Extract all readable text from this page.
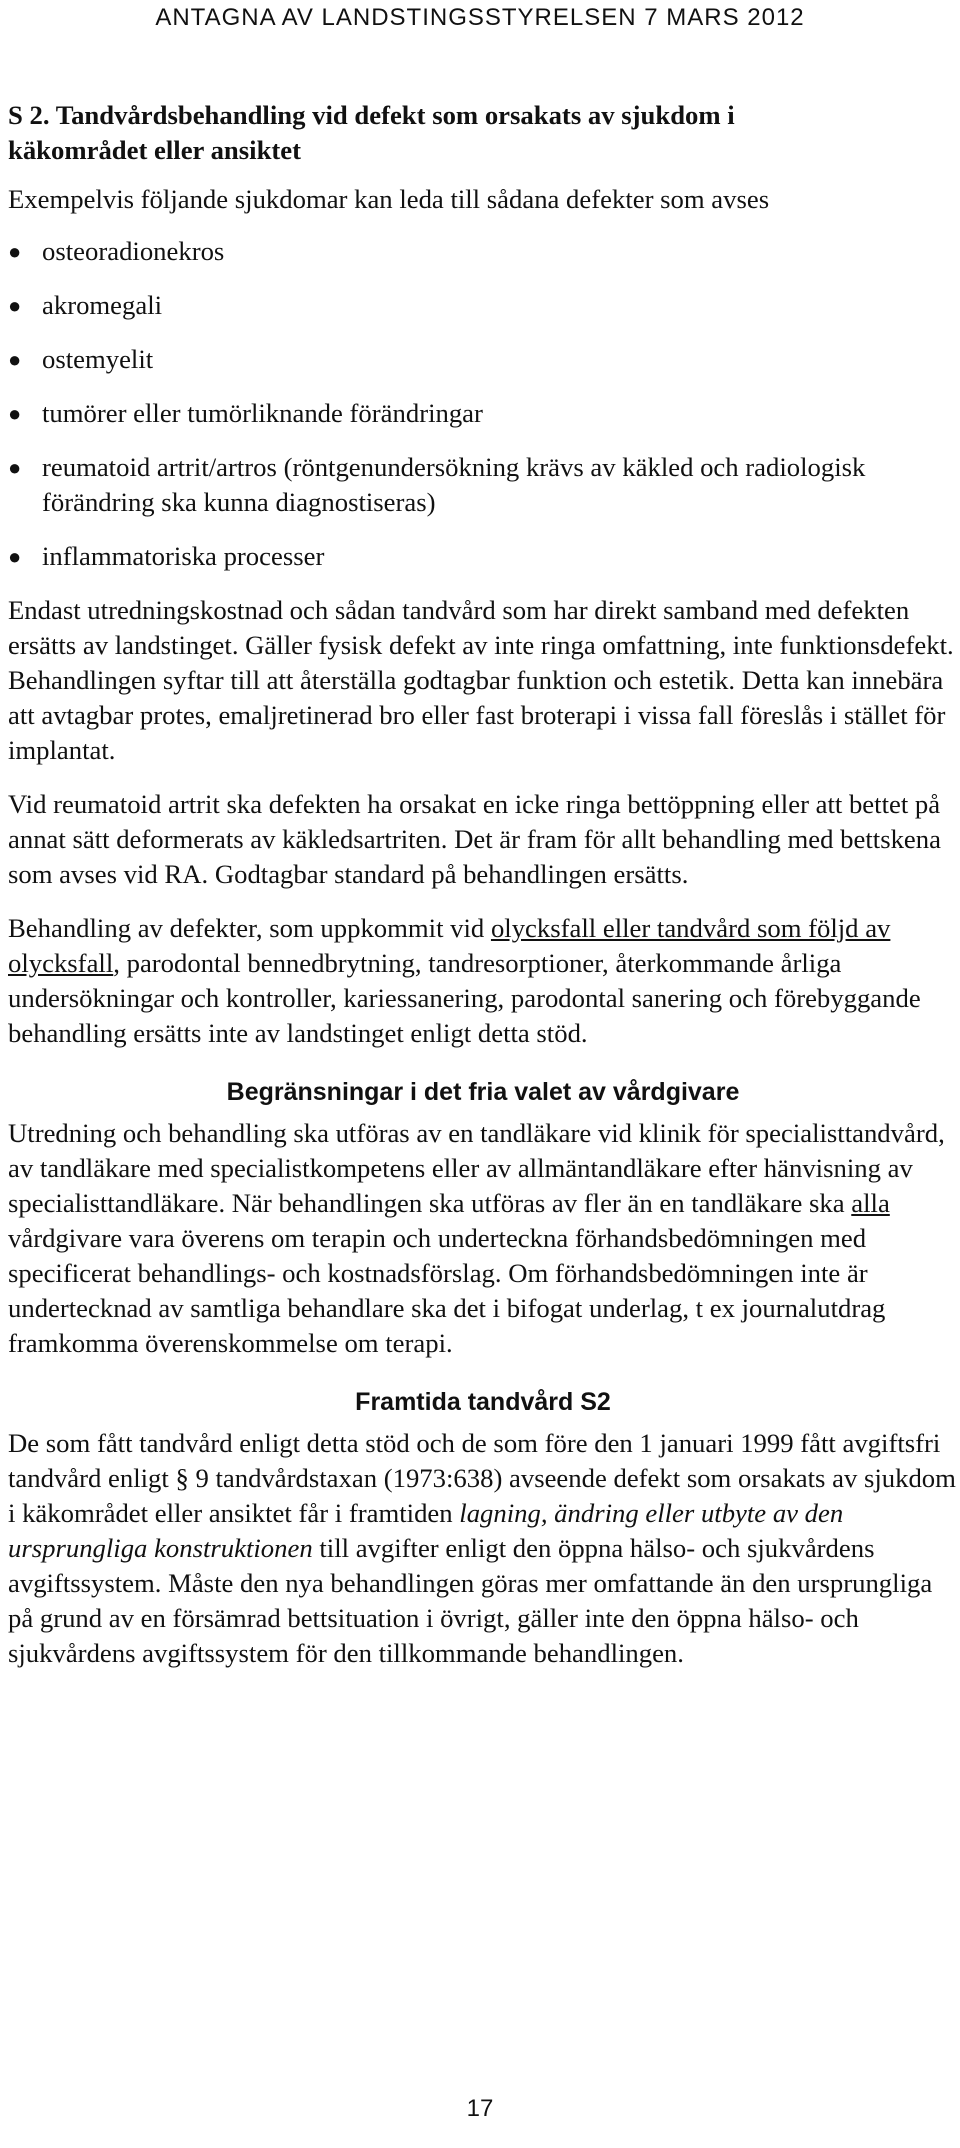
ANTAGNA AV LANDSTINGSSTYRELSEN 7 MARS 2012

S 2. Tandvårdsbehandling vid defekt som orsakats av sjukdom i
käkområdet eller ansiktet

Exempelvis följande sjukdomar kan leda till sådana defekter som avses

● osteoradionekros
● akromegali
● ostemyelit
● tumörer eller tumörliknande förändringar
● reumatoid artrit/artros (röntgenundersökning krävs av käkled och radiologisk förändring ska kunna diagnostiseras)
● inflammatoriska processer

Endast utredningskostnad och sådan tandvård som har direkt samband med defekten ersätts av landstinget. Gäller fysisk defekt av inte ringa omfattning, inte funktionsdefekt. Behandlingen syftar till att återställa godtagbar funktion och estetik. Detta kan innebära att avtagbar protes, emaljretinerad bro eller fast broterapi i vissa fall föreslås i stället för implantat.

Vid reumatoid artrit ska defekten ha orsakat en icke ringa bettöppning eller att bettet på annat sätt deformerats av käkledsartriten. Det är fram för allt behandling med bettskena som avses vid RA. Godtagbar standard på behandlingen ersätts.

Behandling av defekter, som uppkommit vid olycksfall eller tandvård som följd av olycksfall, parodontal bennedbrytning, tandresorptioner, återkommande årliga undersökningar och kontroller, kariessanering, parodontal sanering och förebyggande behandling ersätts inte av landstinget enligt detta stöd.

Begränsningar i det fria valet av vårdgivare

Utredning och behandling ska utföras av en tandläkare vid klinik för specialisttandvård, av tandläkare med specialistkompetens eller av allmäntandläkare efter hänvisning av specialisttandläkare. När behandlingen ska utföras av fler än en tandläkare ska alla vårdgivare vara överens om terapin och underteckna förhandsbedömningen med specificerat behandlings- och kostnadsförslag. Om förhandsbedömningen inte är undertecknad av samtliga behandlare ska det i bifogat underlag, t ex journalutdrag framkomma överenskommelse om terapi.

Framtida tandvård S2

De som fått tandvård enligt detta stöd och de som före den 1 januari 1999 fått avgiftsfri tandvård enligt § 9 tandvårdstaxan (1973:638) avseende defekt som orsakats av sjukdom i käkområdet eller ansiktet får i framtiden lagning, ändring eller utbyte av den ursprungliga konstruktionen till avgifter enligt den öppna hälso- och sjukvårdens avgiftssystem. Måste den nya behandlingen göras mer omfattande än den ursprungliga på grund av en försämrad bettsituation i övrigt, gäller inte den öppna hälso- och sjukvårdens avgiftssystem för den tillkommande behandlingen.

17
